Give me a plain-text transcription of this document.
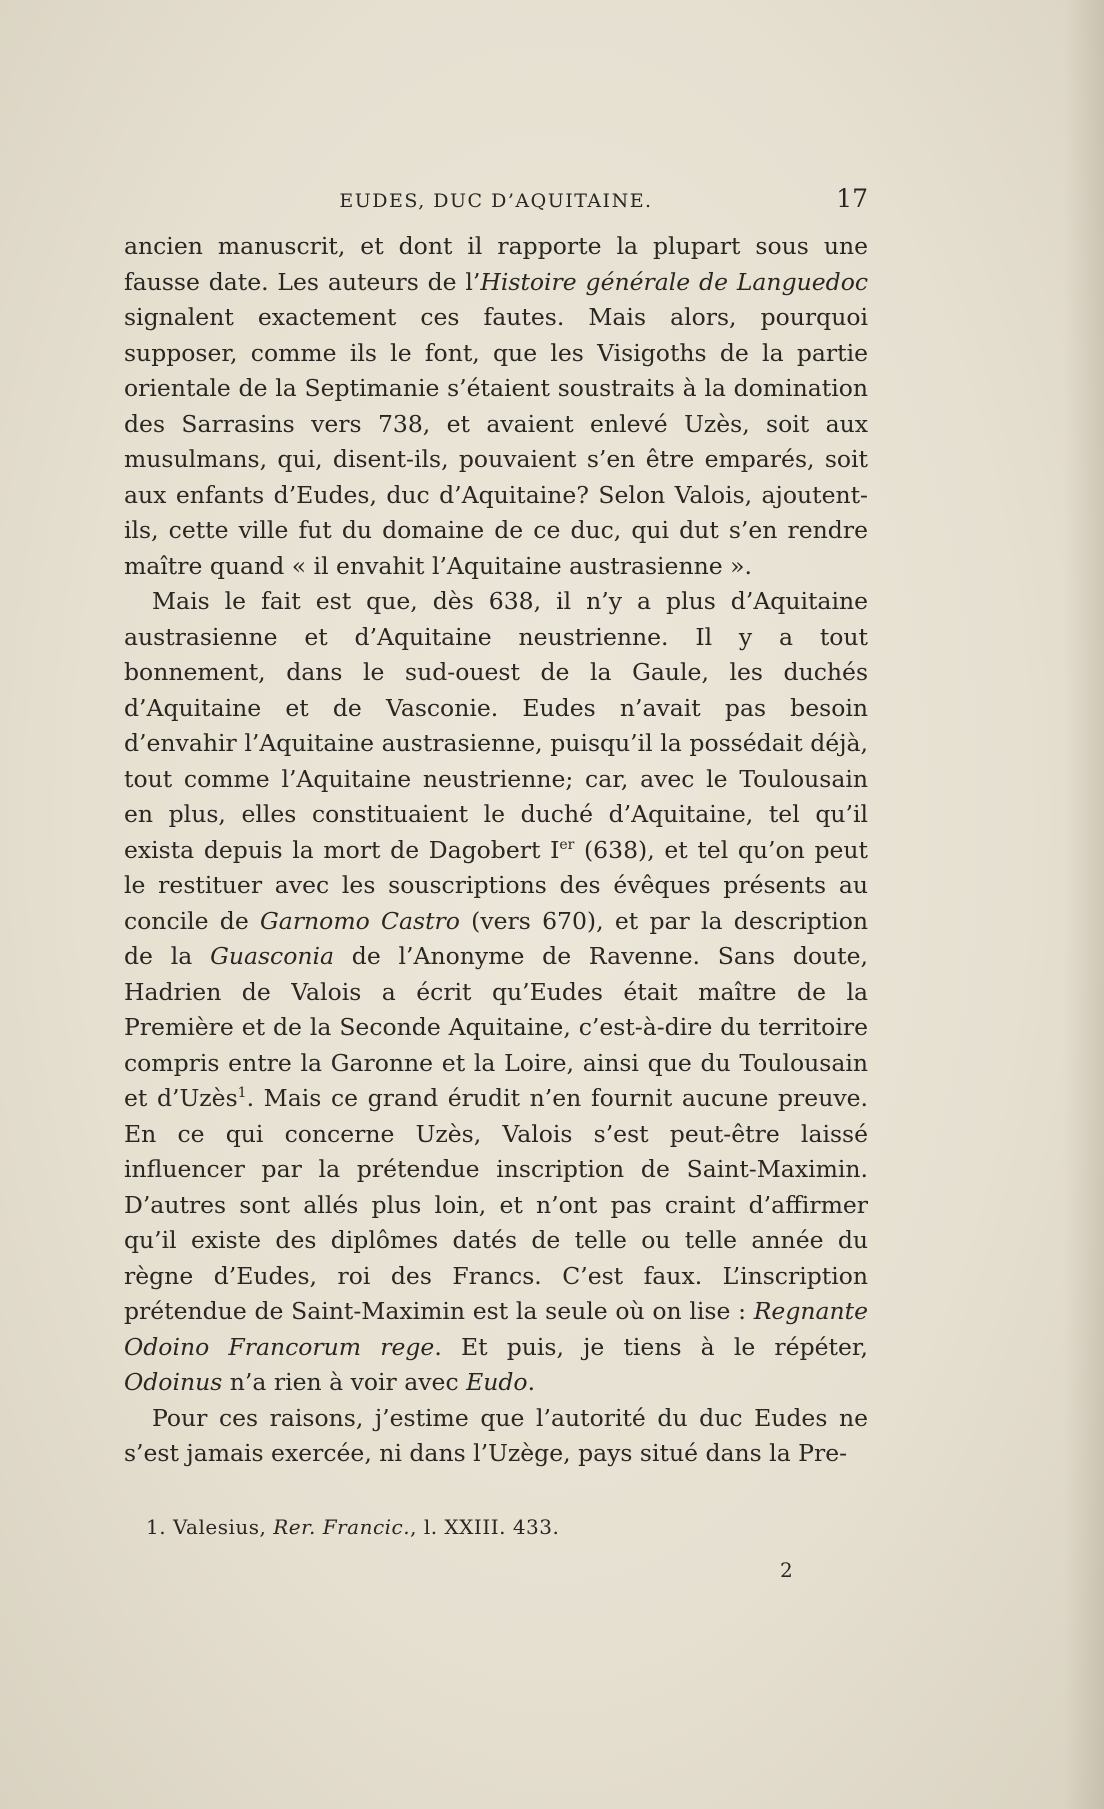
EUDES, DUC D’AQUITAINE.	17

ancien manuscrit, et dont il rapporte la plupart sous une fausse date. Les auteurs de l’Histoire générale de Languedoc signalent exactement ces fautes. Mais alors, pourquoi supposer, comme ils le font, que les Visigoths de la partie orientale de la Septimanie s’étaient soustraits à la domination des Sarrasins vers 738, et avaient enlevé Uzès, soit aux musulmans, qui, disent-ils, pouvaient s’en être emparés, soit aux enfants d’Eudes, duc d’Aquitaine? Selon Valois, ajoutent-ils, cette ville fut du domaine de ce duc, qui dut s’en rendre maître quand « il envahit l’Aquitaine austrasienne ».

Mais le fait est que, dès 638, il n’y a plus d’Aquitaine austrasienne et d’Aquitaine neustrienne. Il y a tout bonnement, dans le sud-ouest de la Gaule, les duchés d’Aquitaine et de Vasconie. Eudes n’avait pas besoin d’envahir l’Aquitaine austrasienne, puisqu’il la possédait déjà, tout comme l’Aquitaine neustrienne; car, avec le Toulousain en plus, elles constituaient le duché d’Aquitaine, tel qu’il exista depuis la mort de Dagobert Ier (638), et tel qu’on peut le restituer avec les souscriptions des évêques présents au concile de Garnomo Castro (vers 670), et par la description de la Guasconia de l’Anonyme de Ravenne. Sans doute, Hadrien de Valois a écrit qu’Eudes était maître de la Première et de la Seconde Aquitaine, c’est-à-dire du territoire compris entre la Garonne et la Loire, ainsi que du Toulousain et d’Uzès$^1$. Mais ce grand érudit n’en fournit aucune preuve. En ce qui concerne Uzès, Valois s’est peut-être laissé influencer par la prétendue inscription de Saint-Maximin. D’autres sont allés plus loin, et n’ont pas craint d’affirmer qu’il existe des diplômes datés de telle ou telle année du règne d’Eudes, roi des Francs. C’est faux. L’inscription prétendue de Saint-Maximin est la seule où on lise : Regnante Odoino Francorum rege. Et puis, je tiens à le répéter, Odoinus n’a rien à voir avec Eudo.

Pour ces raisons, j’estime que l’autorité du duc Eudes ne s’est jamais exercée, ni dans l’Uzège, pays situé dans la Pre-

1. Valesius, Rer. Francic., l. XXIII. 433.
2
